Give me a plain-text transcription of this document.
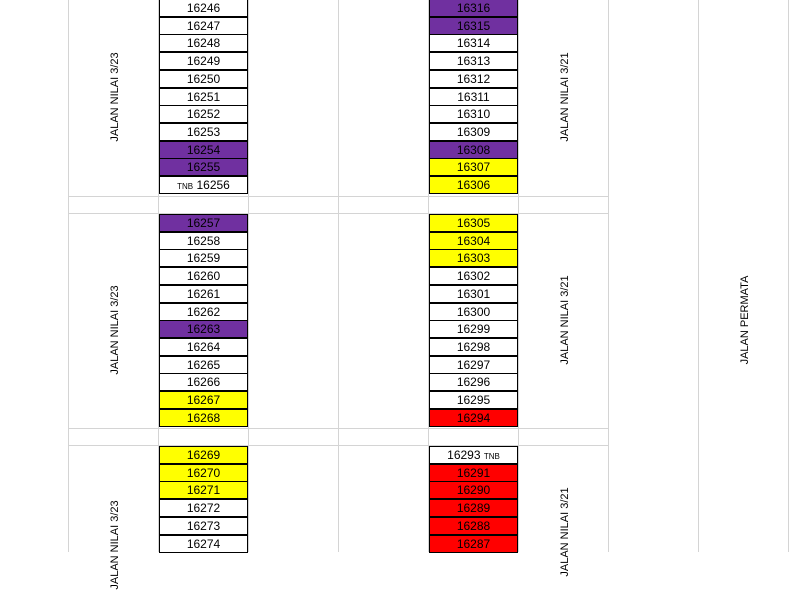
JALAN NILAI 3/23
JALAN NILAI 3/23
JALAN NILAI 3/23
JALAN NILAI 3/21
JALAN NILAI 3/21
JALAN NILAI 3/21
JALAN PERMATA
16246
16247
16248
16249
16250
16251
16252
16253
16254
16255
TNB 16256
16316
16315
16314
16313
16312
16311
16310
16309
16308
16307
16306
16257
16258
16259
16260
16261
16262
16263
16264
16265
16266
16267
16268
16305
16304
16303
16302
16301
16300
16299
16298
16297
16296
16295
16294
16269
16270
16271
16272
16273
16274
16293 TNB
16291
16290
16289
16288
16287
